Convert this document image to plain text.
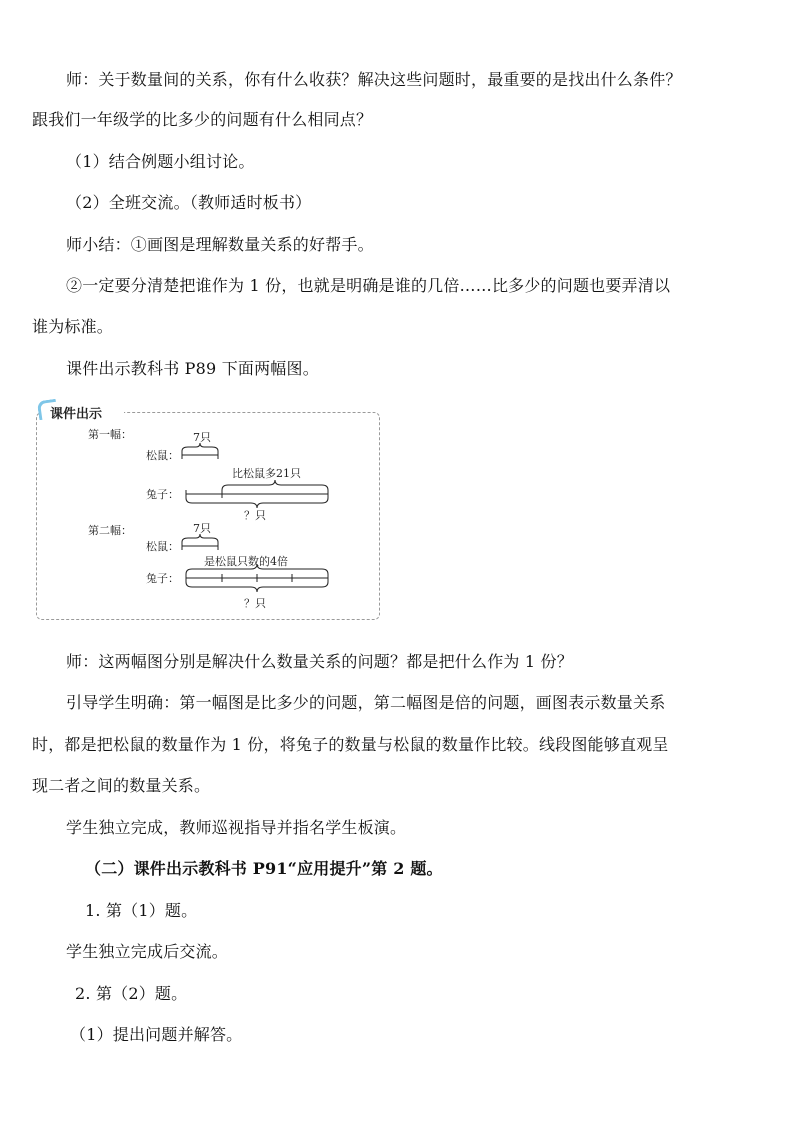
师：关于数量间的关系，你有什么收获？解决这些问题时，最重要的是找出什么条件？

跟我们一年级学的比多少的问题有什么相同点？

（1）结合例题小组讨论。

（2）全班交流。（教师适时板书）

师小结：①画图是理解数量关系的好帮手。

②一定要分清楚把谁作为 1 份，也就是明确是谁的几倍……比多少的问题也要弄清以

谁为标准。

课件出示教科书 P89 下面两幅图。

第一幅：
松鼠：
7只
比松鼠多21只
兔子：
？只
第二幅：
松鼠：
7只
是松鼠只数的4倍
兔子：
？只
课件出示

师：这两幅图分别是解决什么数量关系的问题？都是把什么作为 1 份？

引导学生明确：第一幅图是比多少的问题，第二幅图是倍的问题，画图表示数量关系

时，都是把松鼠的数量作为 1 份，将兔子的数量与松鼠的数量作比较。线段图能够直观呈

现二者之间的数量关系。

学生独立完成，教师巡视指导并指名学生板演。

（二）课件出示教科书 P91“应用提升”第 2 题。

1. 第（1）题。

学生独立完成后交流。

2. 第（2）题。

（1）提出问题并解答。
